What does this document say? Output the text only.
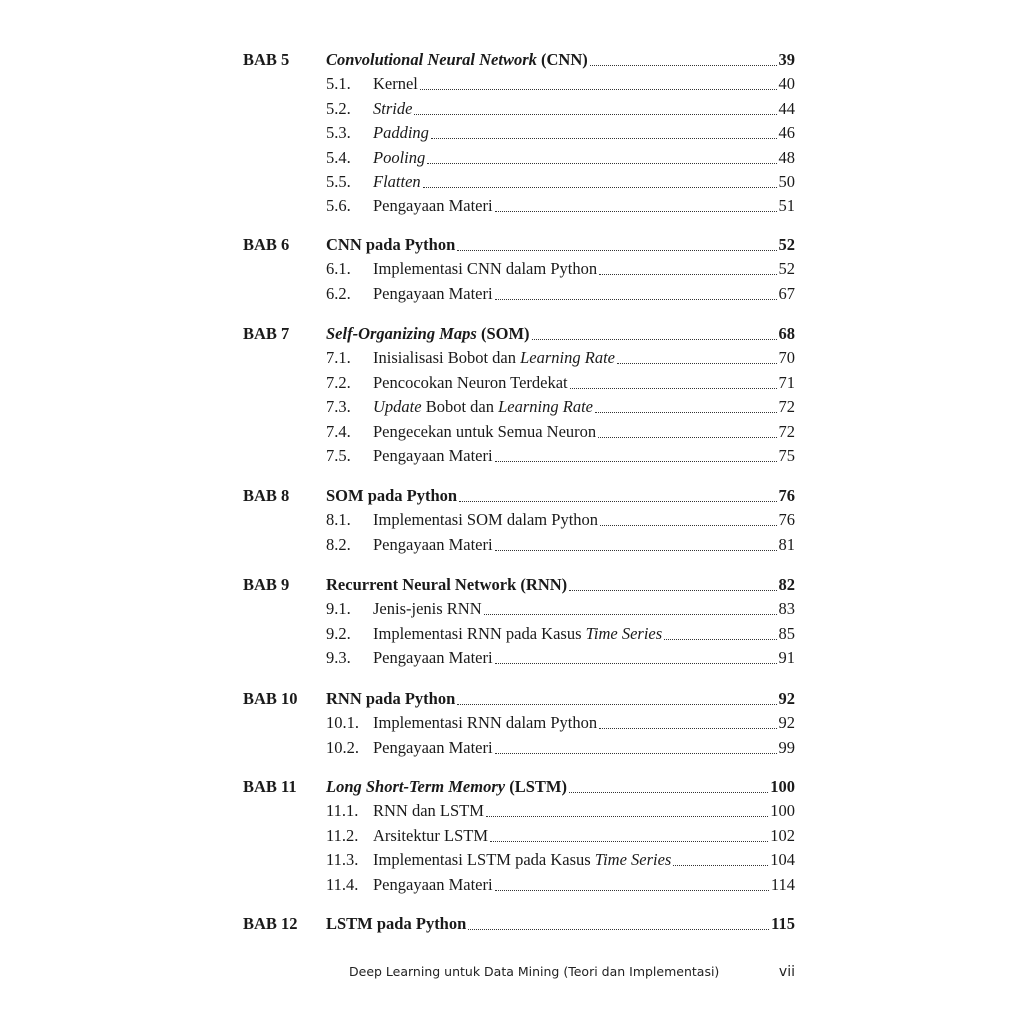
BAB 5 Convolutional Neural Network (CNN)	39
5.1.	Kernel	40
5.2.	Stride	44
5.3.	Padding	46
5.4.	Pooling	48
5.5.	Flatten	50
5.6.	Pengayaan Materi	51
BAB 6 CNN pada Python	52
6.1.	Implementasi CNN dalam Python	52
6.2.	Pengayaan Materi	67
BAB 7 Self-Organizing Maps (SOM)	68
7.1.	Inisialisasi Bobot dan Learning Rate	70
7.2.	Pencocokan Neuron Terdekat	71
7.3.	Update Bobot dan Learning Rate	72
7.4.	Pengecekan untuk Semua Neuron	72
7.5.	Pengayaan Materi	75
BAB 8 SOM pada Python	76
8.1.	Implementasi SOM dalam Python	76
8.2.	Pengayaan Materi	81
BAB 9 Recurrent Neural Network (RNN)	82
9.1.	Jenis-jenis RNN	83
9.2.	Implementasi RNN pada Kasus Time Series	85
9.3.	Pengayaan Materi	91
BAB 10 RNN pada Python	92
10.1. Implementasi RNN dalam Python	92
10.2. Pengayaan Materi	99
BAB 11 Long Short-Term Memory (LSTM)	100
11.1. RNN dan LSTM	100
11.2. Arsitektur LSTM	102
11.3. Implementasi LSTM pada Kasus Time Series	104
11.4. Pengayaan Materi	114
BAB 12 LSTM pada Python	115
Deep Learning untuk Data Mining (Teori dan Implementasi)	vii
